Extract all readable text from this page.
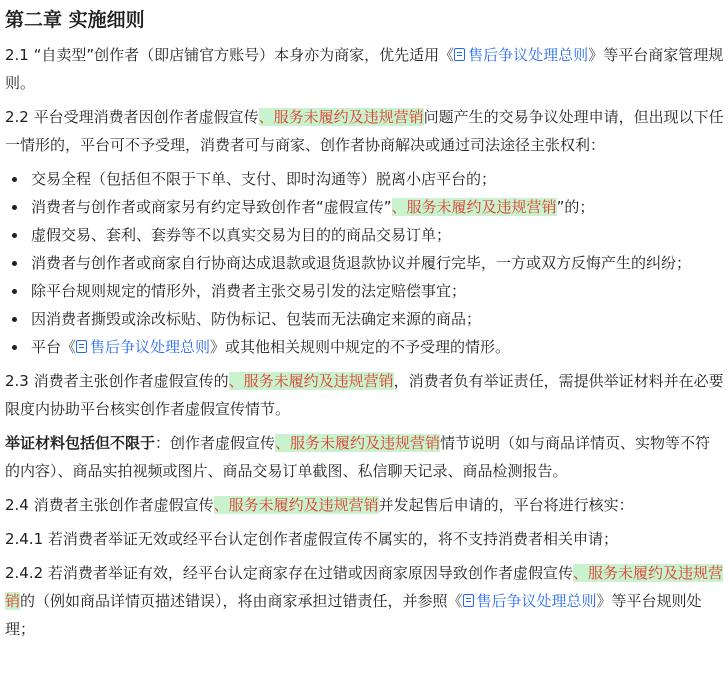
第二章 实施细则

2.1 “自卖型”创作者（即店铺官方账号）本身亦为商家，优先适用《 售后争议处理总则》等平台商家管理规则。

2.2 平台受理消费者因创作者虚假宣传、服务未履约及违规营销问题产生的交易争议处理申请，但出现以下任一情形的，平台可不予受理，消费者可与商家、创作者协商解决或通过司法途径主张权利：

交易全程（包括但不限于下单、支付、即时沟通等）脱离小店平台的；
消费者与创作者或商家另有约定导致创作者“虚假宣传”、服务未履约及违规营销”的；
虚假交易、套利、套券等不以真实交易为目的的商品交易订单；
消费者与创作者或商家自行协商达成退款或退货退款协议并履行完毕，一方或双方反悔产生的纠纷；
除平台规则规定的情形外，消费者主张交易引发的法定赔偿事宜；
因消费者撕毁或涂改标贴、防伪标记、包装而无法确定来源的商品；
平台《 售后争议处理总则》或其他相关规则中规定的不予受理的情形。

2.3 消费者主张创作者虚假宣传的、服务未履约及违规营销，消费者负有举证责任，需提供举证材料并在必要限度内协助平台核实创作者虚假宣传情节。

举证材料包括但不限于：创作者虚假宣传、服务未履约及违规营销情节说明（如与商品详情页、实物等不符的内容）、商品实拍视频或图片、商品交易订单截图、私信聊天记录、商品检测报告。

2.4 消费者主张创作者虚假宣传、服务未履约及违规营销并发起售后申请的，平台将进行核实：

2.4.1 若消费者举证无效或经平台认定创作者虚假宣传不属实的，将不支持消费者相关申请；

2.4.2 若消费者举证有效，经平台认定商家存在过错或因商家原因导致创作者虚假宣传、服务未履约及违规营销的（例如商品详情页描述错误），将由商家承担过错责任，并参照《 售后争议处理总则》等平台规则处理；
